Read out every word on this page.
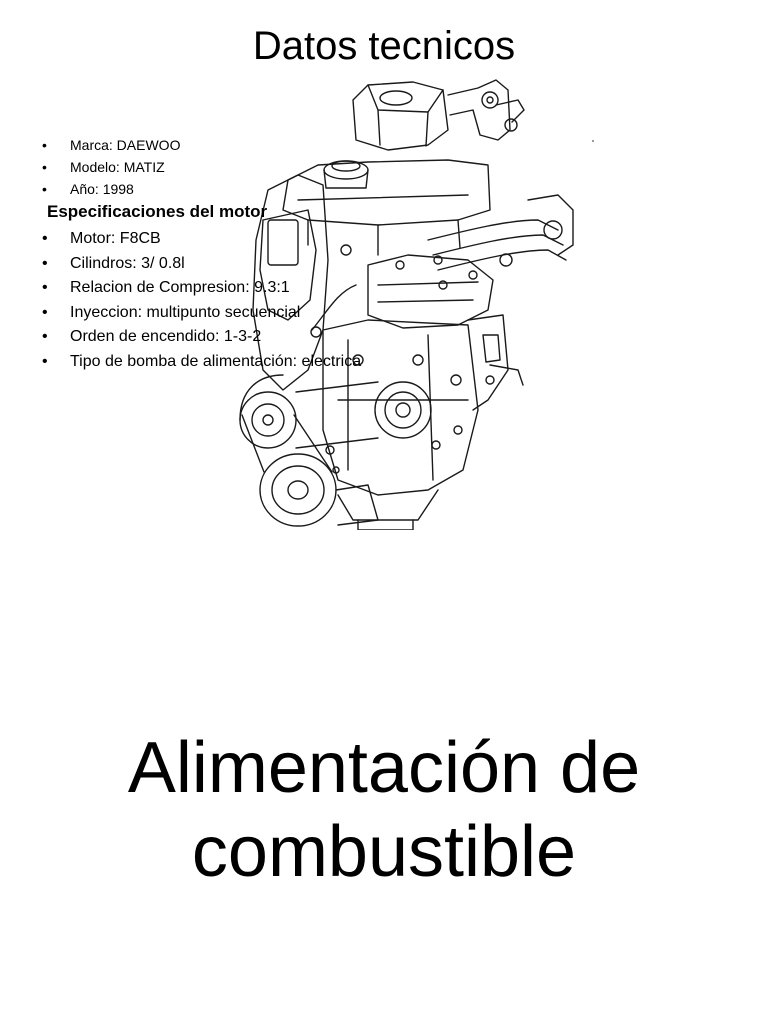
Datos tecnicos
• Marca: DAEWOO
• Modelo: MATIZ
• Año: 1998
Especificaciones del motor
• Motor: F8CB
• Cilindros: 3/ 0.8l
• Relacion de Compresion: 9.3:1
• Inyeccion: multipunto secuencial
• Orden de encendido: 1-3-2
• Tipo de bomba de alimentación: electrica
Alimentación de
combustible
